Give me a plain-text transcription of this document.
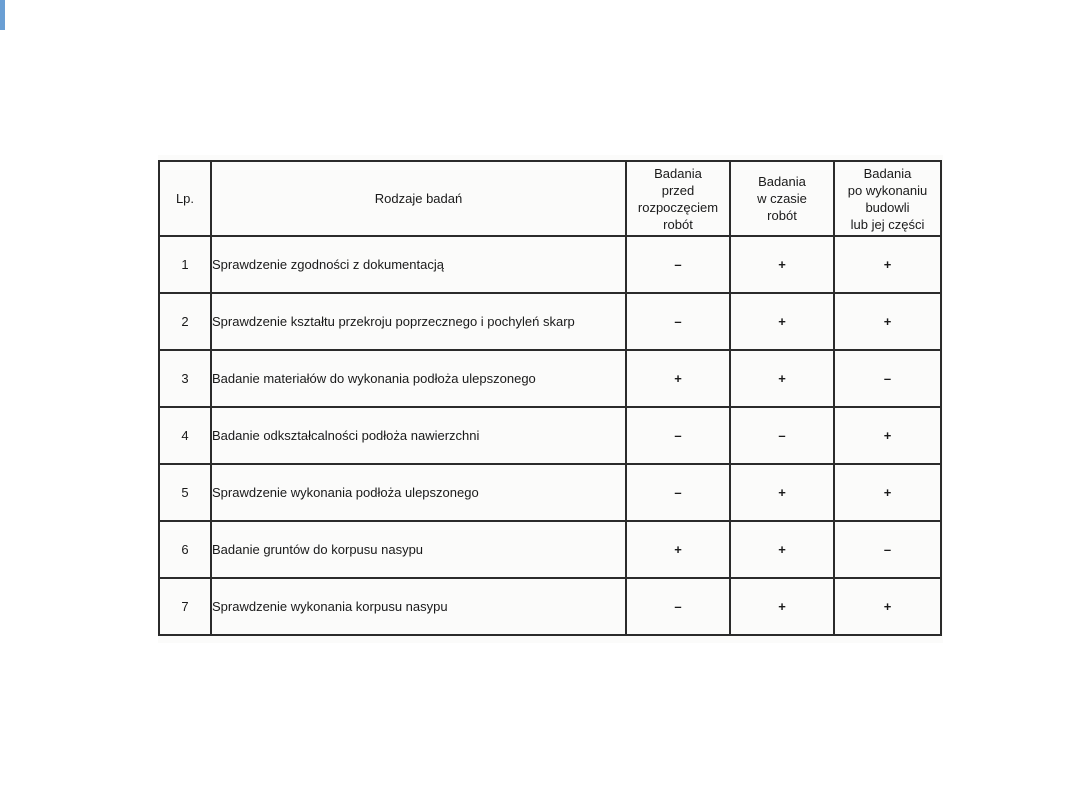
Lp.	Rodzaje badań	Badania
przed
rozpoczęciem
robót	Badania
w czasie
robót	Badania
po wykonaniu
budowli
lub jej części

1	Sprawdzenie zgodności z dokumentacją	–	+	+
2	Sprawdzenie kształtu przekroju poprzecznego i pochyleń skarp	–	+	+
3	Badanie materiałów do wykonania podłoża ulepszonego	+	+	–
4	Badanie odkształcalności podłoża nawierzchni	–	–	+
5	Sprawdzenie wykonania podłoża ulepszonego	–	+	+
6	Badanie gruntów do korpusu nasypu	+	+	–
7	Sprawdzenie wykonania korpusu nasypu	–	+	+
